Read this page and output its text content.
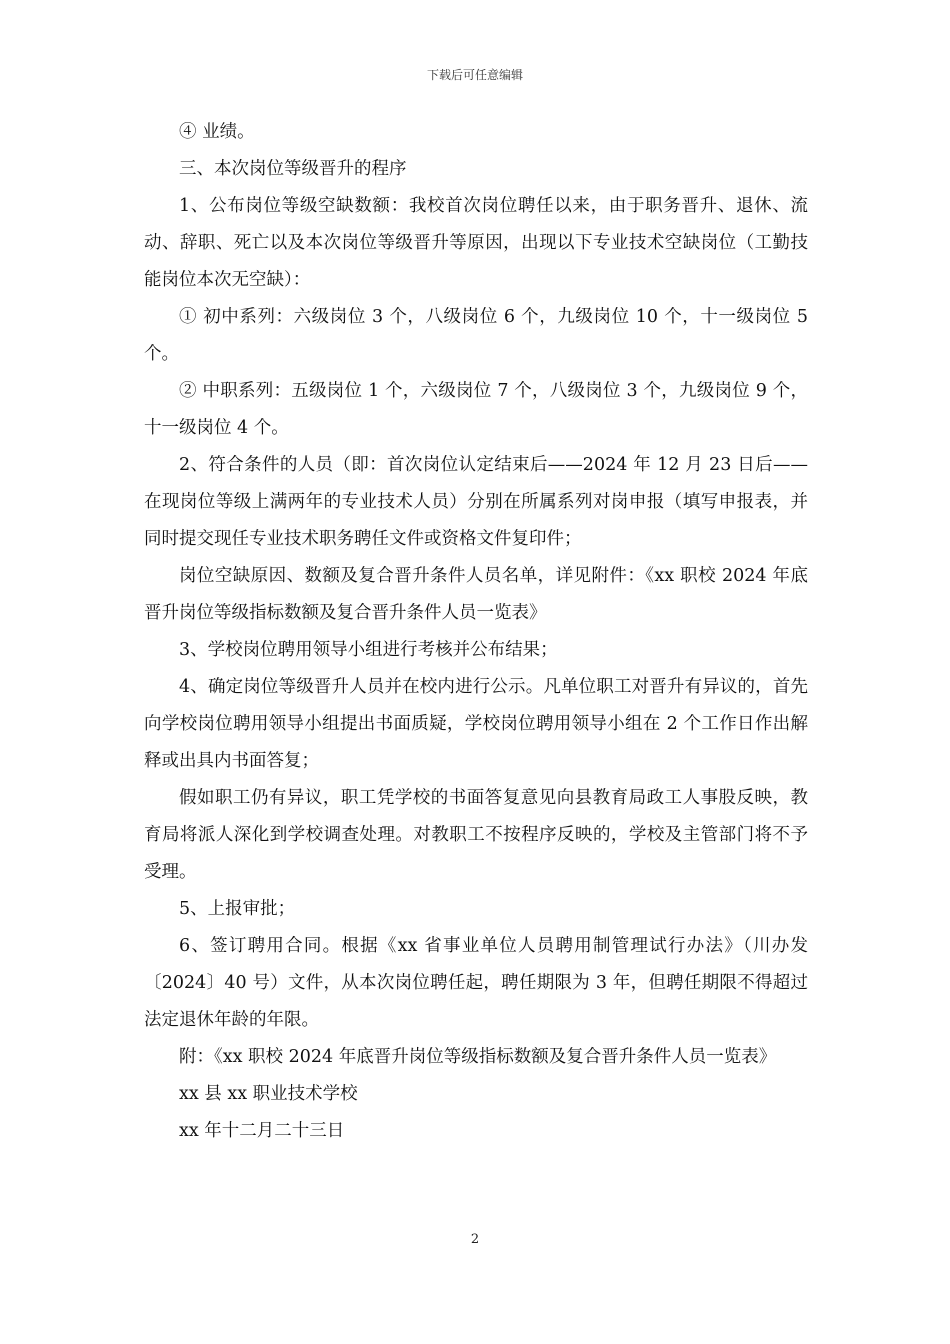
下载后可任意编辑

④ 业绩。

三、本次岗位等级晋升的程序

1、公布岗位等级空缺数额：我校首次岗位聘任以来，由于职务晋升、退休、流动、辞职、死亡以及本次岗位等级晋升等原因，出现以下专业技术空缺岗位（工勤技能岗位本次无空缺）：

① 初中系列：六级岗位 3 个，八级岗位 6 个，九级岗位 10 个，十一级岗位 5 个。

② 中职系列：五级岗位 1 个，六级岗位 7 个，八级岗位 3 个，九级岗位 9 个，十一级岗位 4 个。

2、符合条件的人员（即：首次岗位认定结束后——2024 年 12 月 23 日后——在现岗位等级上满两年的专业技术人员）分别在所属系列对岗申报（填写申报表，并同时提交现任专业技术职务聘任文件或资格文件复印件；

岗位空缺原因、数额及复合晋升条件人员名单，详见附件：《xx 职校 2024 年底晋升岗位等级指标数额及复合晋升条件人员一览表》

3、学校岗位聘用领导小组进行考核并公布结果；

4、确定岗位等级晋升人员并在校内进行公示。凡单位职工对晋升有异议的，首先向学校岗位聘用领导小组提出书面质疑，学校岗位聘用领导小组在 2 个工作日作出解释或出具内书面答复；

假如职工仍有异议，职工凭学校的书面答复意见向县教育局政工人事股反映，教育局将派人深化到学校调查处理。对教职工不按程序反映的，学校及主管部门将不予受理。

5、上报审批；

6、签订聘用合同。根据《xx 省事业单位人员聘用制管理试行办法》（川办发〔2024〕40 号）文件，从本次岗位聘任起，聘任期限为 3 年，但聘任期限不得超过法定退休年龄的年限。

附：《xx 职校 2024 年底晋升岗位等级指标数额及复合晋升条件人员一览表》

xx 县 xx 职业技术学校

xx 年十二月二十三日

2
